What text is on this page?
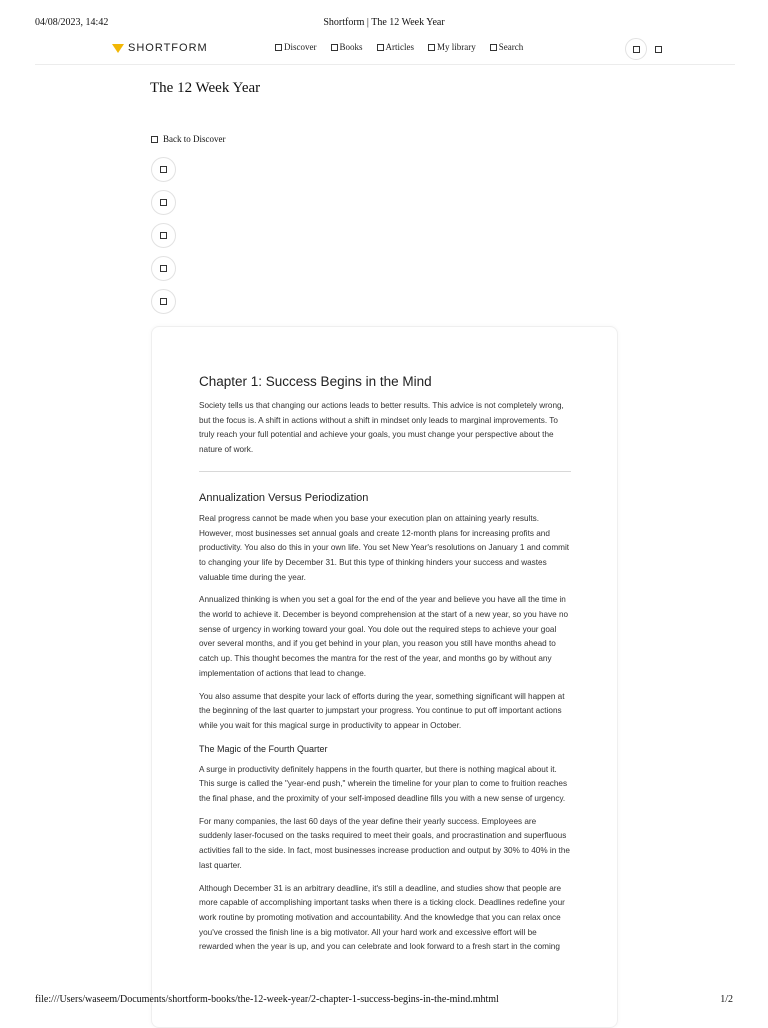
04/08/2023, 14:42	Shortform | The 12 Week Year
SHORTFORM	Discover	Books	Articles	My library	Search
The 12 Week Year
Back to Discover
Chapter 1: Success Begins in the Mind

Society tells us that changing our actions leads to better results. This advice is not completely wrong, but the focus is. A shift in actions without a shift in mindset only leads to marginal improvements. To truly reach your full potential and achieve your goals, you must change your perspective about the nature of work.

Annualization Versus Periodization

Real progress cannot be made when you base your execution plan on attaining yearly results. However, most businesses set annual goals and create 12-month plans for increasing profits and productivity. You also do this in your own life. You set New Year's resolutions on January 1 and commit to changing your life by December 31. But this type of thinking hinders your success and wastes valuable time during the year.

Annualized thinking is when you set a goal for the end of the year and believe you have all the time in the world to achieve it. December is beyond comprehension at the start of a new year, so you have no sense of urgency in working toward your goal. You dole out the required steps to achieve your goal over several months, and if you get behind in your plan, you reason you still have months ahead to catch up. This thought becomes the mantra for the rest of the year, and months go by without any implementation of actions that lead to change.

You also assume that despite your lack of efforts during the year, something significant will happen at the beginning of the last quarter to jumpstart your progress. You continue to put off important actions while you wait for this magical surge in productivity to appear in October.

The Magic of the Fourth Quarter

A surge in productivity definitely happens in the fourth quarter, but there is nothing magical about it. This surge is called the "year-end push," wherein the timeline for your plan to come to fruition reaches the final phase, and the proximity of your self-imposed deadline fills you with a new sense of urgency.

For many companies, the last 60 days of the year define their yearly success. Employees are suddenly laser-focused on the tasks required to meet their goals, and procrastination and superfluous activities fall to the side. In fact, most businesses increase production and output by 30% to 40% in the last quarter.

Although December 31 is an arbitrary deadline, it's still a deadline, and studies show that people are more capable of accomplishing important tasks when there is a ticking clock. Deadlines redefine your work routine by promoting motivation and accountability. And the knowledge that you can relax once you've crossed the finish line is a big motivator. All your hard work and excessive effort will be rewarded when the year is up, and you can celebrate and look forward to a fresh start in the coming

file:///Users/waseem/Documents/shortform-books/the-12-week-year/2-chapter-1-success-begins-in-the-mind.mhtml	1/2
